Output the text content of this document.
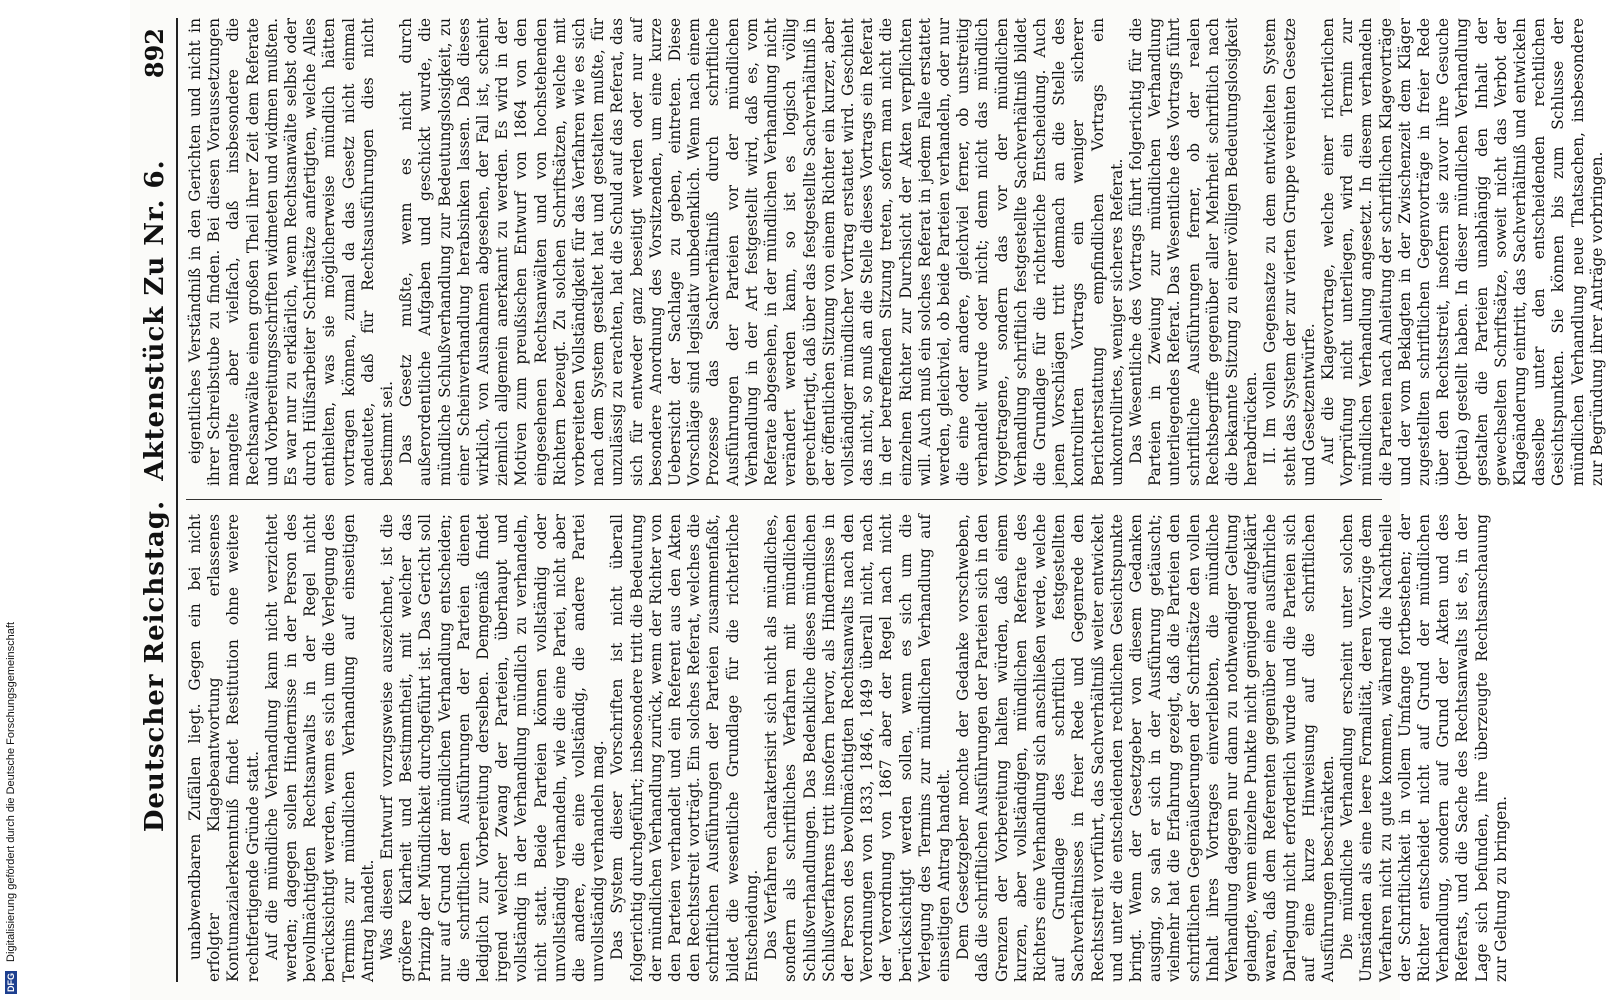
DFG Digitalisierung gefördert durch die Deutsche Forschungsgemeinschaft	Deutscher Reichstag.
Aktenstück Zu Nr. 6.
892

unabwendbaren Zufällen liegt. Gegen ein bei nicht erfolgter Klagebeantwortung erlassenes Kontumazialerkenntniß findet Restitution ohne weitere rechtfertigende Gründe statt. Auf die mündliche Verhandlung kann nicht verzichtet werden; dagegen sollen Hindernisse in der Person des bevollmächtigten Rechtsanwalts in der Regel nicht berücksichtigt werden, wenn es sich um die Verlegung des Termins zur mündlichen Verhandlung auf einseitigen Antrag handelt. Was diesen Entwurf vorzugsweise auszeichnet, ist die größere Klarheit und Bestimmtheit, mit welcher das Prinzip der Mündlichkeit durchgeführt ist. Das Gericht soll nur auf Grund der mündlichen Verhandlung entscheiden; die schriftlichen Ausführungen der Parteien dienen lediglich zur Vorbereitung derselben. Demgemäß findet irgend welcher Zwang der Parteien, überhaupt und vollständig in der Verhandlung mündlich zu verhandeln, nicht statt. Beide Parteien können vollständig oder unvollständig verhandeln, wie die eine Partei, nicht aber die andere, die eine vollständig, die andere Partei unvollständig verhandeln mag. Das System dieser Vorschriften ist nicht überall folgerichtig durchgeführt; insbesondere tritt die Bedeutung der mündlichen Verhandlung zurück, wenn der Richter von den Parteien verhandelt und ein Referent aus den Akten den Rechtsstreit vorträgt. Ein solches Referat, welches die schriftlichen Ausführungen der Parteien zusammenfaßt, bildet die wesentliche Grundlage für die richterliche Entscheidung. Das Verfahren charakterisirt sich nicht als mündliches, sondern als schriftliches Verfahren mit mündlichen Schlußverhandlungen. Das Bedenkliche dieses mündlichen Schlußverfahrens tritt insofern hervor, als Hindernisse in der Person des bevollmächtigten Rechtsanwalts nach den Verordnungen von 1833, 1846, 1849 überall nicht, nach der Verordnung von 1867 aber der Regel nach nicht berücksichtigt werden sollen, wenn es sich um die Verlegung des Termins zur mündlichen Verhandlung auf einseitigen Antrag handelt. Dem Gesetzgeber mochte der Gedanke vorschweben, daß die schriftlichen Ausführungen der Parteien sich in den Grenzen der Vorbereitung halten würden, daß einem kurzen, aber vollständigen, mündlichen Referate des Richters eine Verhandlung sich anschließen werde, welche auf Grundlage des schriftlich festgestellten Sachverhältnisses in freier Rede und Gegenrede den Rechtsstreit vorführt, das Sachverhältniß weiter entwickelt und unter die entscheidenden rechtlichen Gesichtspunkte bringt. Wenn der Gesetzgeber von diesem Gedanken ausging, so sah er sich in der Ausführung getäuscht; vielmehr hat die Erfahrung gezeigt, daß die Parteien den schriftlichen Gegenäußerungen der Schriftsätze den vollen Inhalt ihres Vortrages einverleibten, die mündliche Verhandlung dagegen nur dann zu nothwendiger Geltung gelangte, wenn einzelne Punkte nicht genügend aufgeklärt waren, daß dem Referenten gegenüber eine ausführliche Darlegung nicht erforderlich wurde und die Parteien sich auf eine kurze Hinweisung auf die schriftlichen Ausführungen beschränkten. Die mündliche Verhandlung erscheint unter solchen Umständen als eine leere Formalität, deren Vorzüge dem Verfahren nicht zu gute kommen, während die Nachtheile der Schriftlichkeit in vollem Umfange fortbestehen; der Richter entscheidet nicht auf Grund der mündlichen Verhandlung, sondern auf Grund der Akten und des Referats, und die Sache des Rechtsanwalts ist es, in der Lage sich befunden, ihre überzeugte Rechtsanschauung zur Geltung zu bringen.

eigentliches Verständniß in den Gerichten und nicht in ihrer Schreibstube zu finden. Bei diesen Voraussetzungen mangelte aber vielfach, daß insbesondere die Rechtsanwälte einen großen Theil ihrer Zeit dem Referate und Vorbereitungsschriften widmeten und widmen mußten. Es war nur zu erklärlich, wenn Rechtsanwälte selbst oder durch Hülfsarbeiter Schriftsätze anfertigten, welche Alles enthielten, was sie möglicherweise mündlich hätten vortragen können, zumal da das Gesetz nicht einmal andeutete, daß für Rechtsausführungen dies nicht bestimmt sei. Das Gesetz mußte, wenn es nicht durch außerordentliche Aufgaben und geschickt wurde, die mündliche Schlußverhandlung zur Bedeutungslosigkeit, zu einer Scheinverhandlung herabsinken lassen. Daß dieses wirklich, von Ausnahmen abgesehen, der Fall ist, scheint ziemlich allgemein anerkannt zu werden. Es wird in der Motiven zum preußischen Entwurf von 1864 von den eingesehenen Rechtsanwälten und von hochstehenden Richtern bezeugt. Zu solchen Schriftsätzen, welche mit vorbereiteten Vollständigkeit für das Verfahren wie es sich nach dem System gestaltet hat und gestalten mußte, für unzulässig zu erachten, hat die Schuld auf das Referat, das sich für entweder ganz beseitigt werden oder nur auf besondere Anordnung des Vorsitzenden, um eine kurze Uebersicht der Sachlage zu geben, eintreten. Diese Vorschläge sind legislativ unbedenklich. Wenn nach einem Prozesse das Sachverhältniß durch schriftliche Ausführungen der Parteien vor der mündlichen Verhandlung in der Art festgestellt wird, daß es, vom Referate abgesehen, in der mündlichen Verhandlung nicht verändert werden kann, so ist es logisch völlig gerechtfertigt, daß über das festgestellte Sachverhältniß in der öffentlichen Sitzung von einem Richter ein kurzer, aber vollständiger mündlicher Vortrag erstattet wird. Geschieht das nicht, so muß an die Stelle dieses Vortrags ein Referat in der betreffenden Sitzung treten, sofern man nicht die einzelnen Richter zur Durchsicht der Akten verpflichten will. Auch muß ein solches Referat in jedem Falle erstattet werden, gleichviel, ob beide Parteien verhandeln, oder nur die eine oder andere, gleichviel ferner, ob unstreitig verhandelt wurde oder nicht; denn nicht das mündlich Vorgetragene, sondern das vor der mündlichen Verhandlung schriftlich festgestellte Sachverhältniß bildet die Grundlage für die richterliche Entscheidung. Auch jenen Vorschlägen tritt demnach an die Stelle des kontrollirten Vortrags ein weniger sicherer Berichterstattung empfindlichen Vortrags ein unkontrollirtes, weniger sicheres Referat. Das Wesentliche des Vortrags führt folgerichtig für die Parteien in Zweiung zur mündlichen Verhandlung unterliegendes Referat. Das Wesentliche des Vortrags führt schriftliche Ausführungen ferner, ob der realen Rechtsbegriffe gegenüber aller Mehrheit schriftlich nach die bekannte Sitzung zu einer völligen Bedeutungslosigkeit herabdrücken. II. Im vollen Gegensatze zu dem entwickelten System steht das System der zur vierten Gruppe vereinten Gesetze und Gesetzentwürfe. Auf die Klagevortrage, welche einer richterlichen Vorprüfung nicht unterliegen, wird ein Termin zur mündlichen Verhandlung angesetzt. In diesem verhandeln die Parteien nach Anleitung der schriftlichen Klagevorträge und der vom Beklagten in der Zwischenzeit dem Kläger zugestellten schriftlichen Gegenvorträge in freier Rede über den Rechtsstreit, insofern sie zuvor ihre Gesuche (petita) gestellt haben. In dieser mündlichen Verhandlung gestalten die Parteien unabhängig den Inhalt der gewechselten Schriftsätze, soweit nicht das Verbot der Klageänderung eintritt, das Sachverhältniß und entwickeln dasselbe unter den entscheidenden rechtlichen Gesichtspunkten. Sie können bis zum Schlusse der mündlichen Verhandlung neue Thatsachen, insbesondere zur Begründung ihrer Anträge vorbringen.
